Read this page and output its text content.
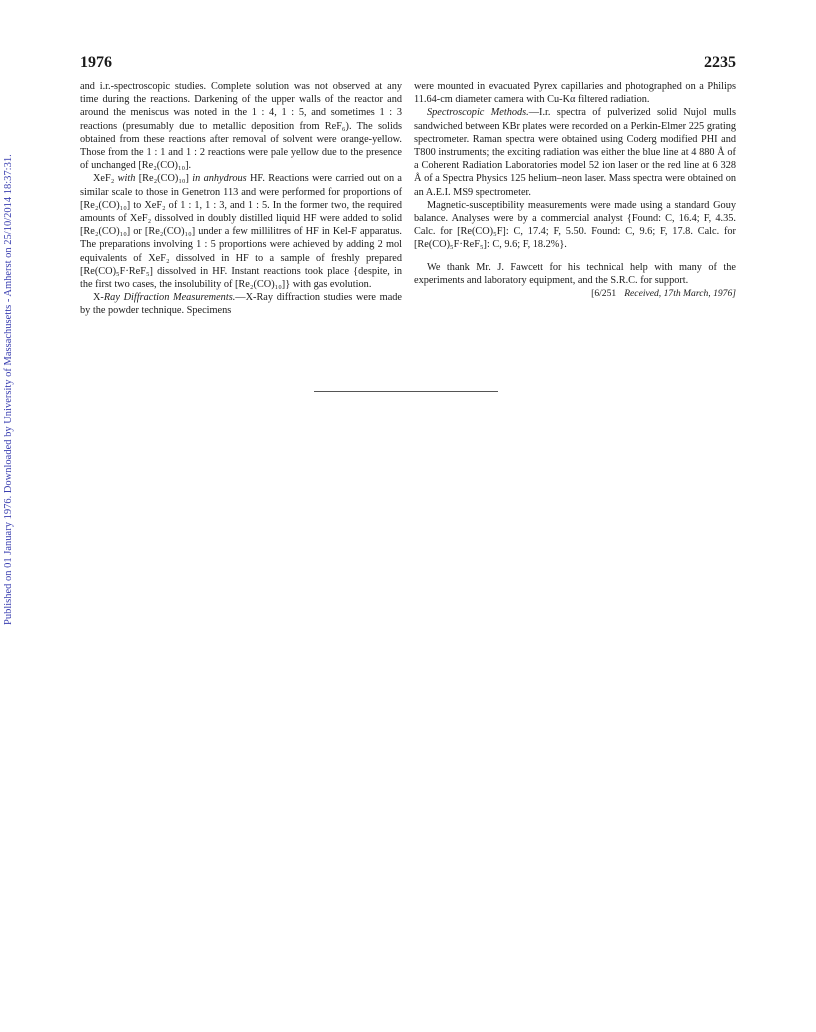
Published on 01 January 1976. Downloaded by University of Massachusetts - Amherst on 25/10/2014 18:37:31.
1976	2235

and i.r.-spectroscopic studies. Complete solution was not observed at any time during the reactions. Darkening of the upper walls of the reactor and around the meniscus was noted in the 1 : 4, 1 : 5, and sometimes 1 : 3 reactions (presumably due to metallic deposition from ReF₆). The solids obtained from these reactions after removal of solvent were orange-yellow. Those from the 1 : 1 and 1 : 2 reactions were pale yellow due to the presence of unchanged [Re₂(CO)₁₀].

XeF₂ with [Re₂(CO)₁₀] in anhydrous HF. Reactions were carried out on a similar scale to those in Genetron 113 and were performed for proportions of [Re₂(CO)₁₀] to XeF₂ of 1 : 1, 1 : 3, and 1 : 5. In the former two, the required amounts of XeF₂ dissolved in doubly distilled liquid HF were added to solid [Re₂(CO)₁₀] or [Re₂(CO)₁₀] under a few millilitres of HF in Kel-F apparatus. The preparations involving 1 : 5 proportions were achieved by adding 2 mol equivalents of XeF₂ dissolved in HF to a sample of freshly prepared [Re(CO)₅F·ReF₅] dissolved in HF. Instant reactions took place {despite, in the first two cases, the insolubility of [Re₂(CO)₁₀]} with gas evolution.

X-Ray Diffraction Measurements.—X-Ray diffraction studies were made by the powder technique. Specimens

were mounted in evacuated Pyrex capillaries and photographed on a Philips 11.64-cm diameter camera with Cu-Kα filtered radiation.

Spectroscopic Methods.—I.r. spectra of pulverized solid Nujol mulls sandwiched between KBr plates were recorded on a Perkin-Elmer 225 grating spectrometer. Raman spectra were obtained using Coderg modified PHI and T800 instruments; the exciting radiation was either the blue line at 4 880 Å of a Coherent Radiation Laboratories model 52 ion laser or the red line at 6 328 Å of a Spectra Physics 125 helium–neon laser. Mass spectra were obtained on an A.E.I. MS9 spectrometer.

Magnetic-susceptibility measurements were made using a standard Gouy balance. Analyses were by a commercial analyst {Found: C, 16.4; F, 4.35. Calc. for [Re(CO)₅F]: C, 17.4; F, 5.50. Found: C, 9.6; F, 17.8. Calc. for [Re(CO)₅F·ReF₅]: C, 9.6; F, 18.2%}.

We thank Mr. J. Fawcett for his technical help with many of the experiments and laboratory equipment, and the S.R.C. for support.

[6/251 Received, 17th March, 1976]
